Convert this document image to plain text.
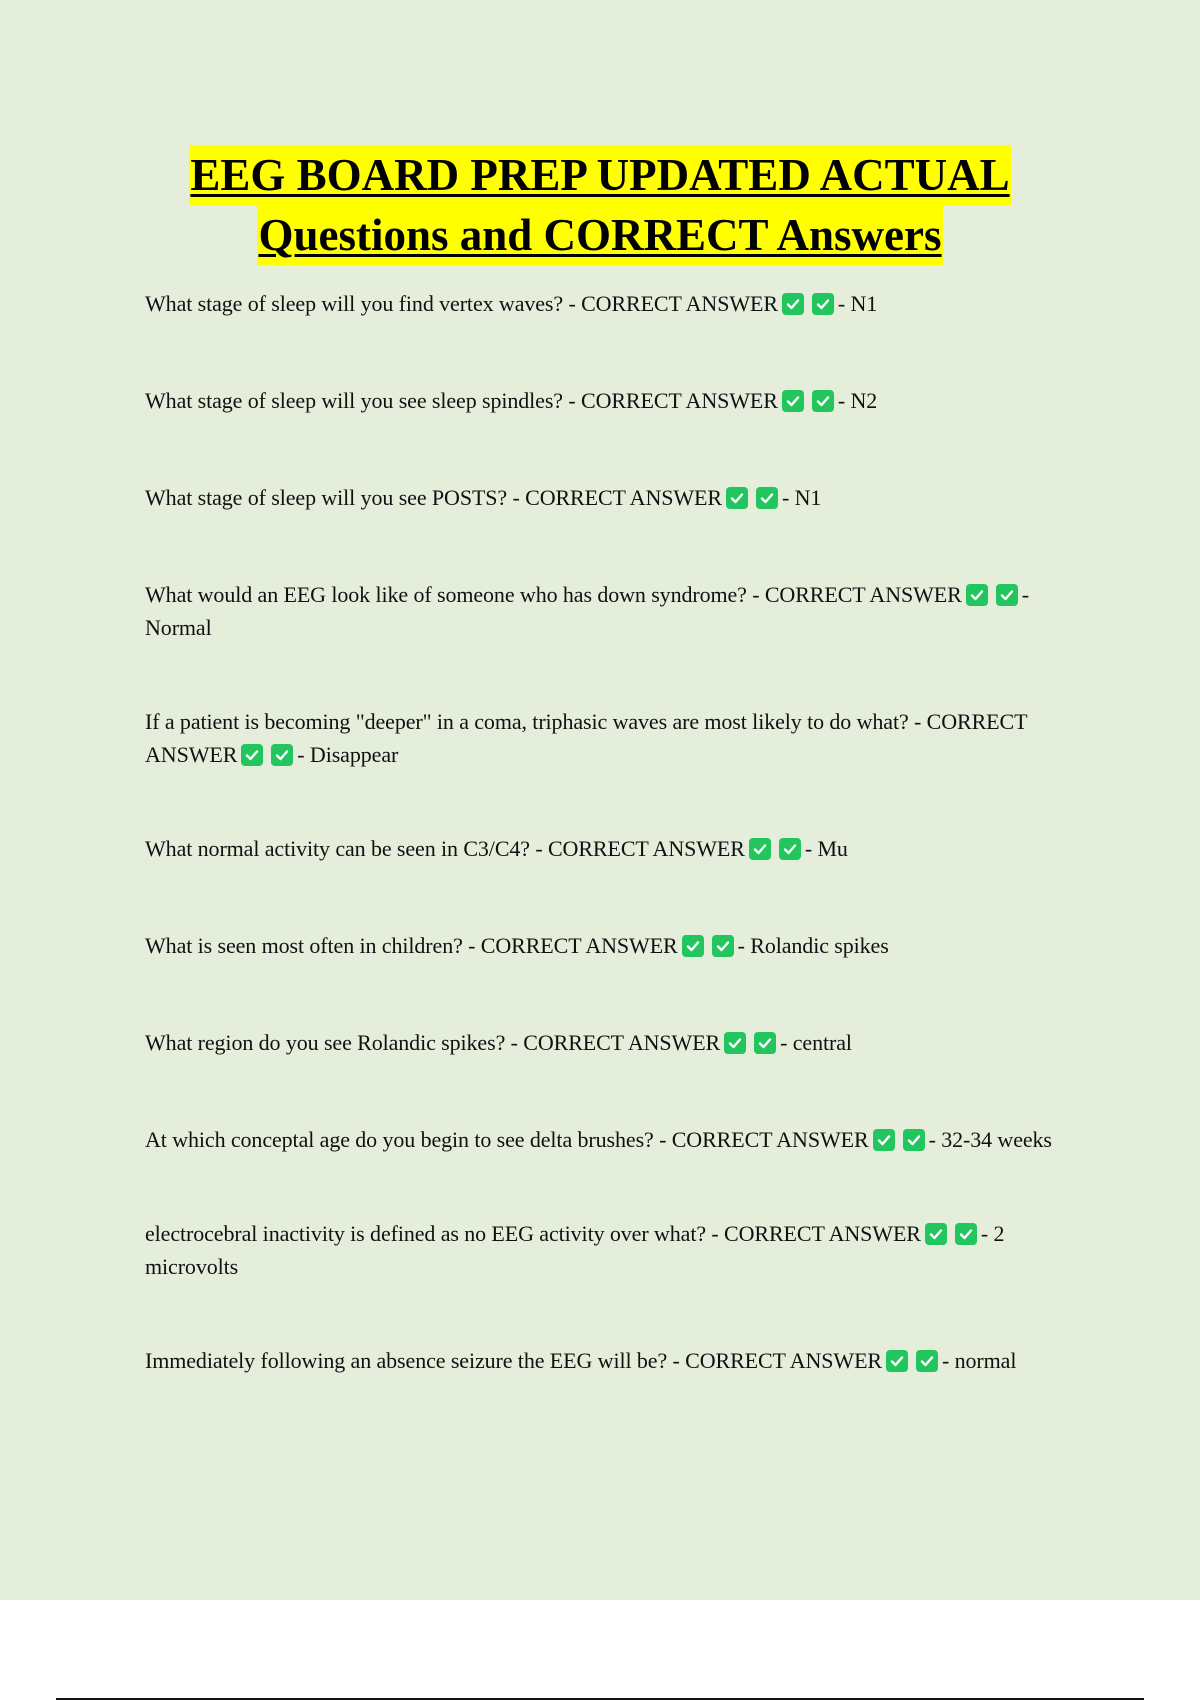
EEG BOARD PREP UPDATED ACTUAL
Questions and CORRECT Answers
What stage of sleep will you find vertex waves? - CORRECT ANSWER	- N1
What stage of sleep will you see sleep spindles? - CORRECT ANSWER	- N2
What stage of sleep will you see POSTS? - CORRECT ANSWER	- N1
What would an EEG look like of someone who has down syndrome? - CORRECT ANSWER	- Normal
If a patient is becoming "deeper" in a coma, triphasic waves are most likely to do what? - CORRECT ANSWER	- Disappear
What normal activity can be seen in C3/C4? - CORRECT ANSWER	- Mu
What is seen most often in children? - CORRECT ANSWER	- Rolandic spikes
What region do you see Rolandic spikes? - CORRECT ANSWER	- central
At which conceptal age do you begin to see delta brushes? - CORRECT ANSWER	- 32-34 weeks
electrocebral inactivity is defined as no EEG activity over what? - CORRECT ANSWER	- 2 microvolts
Immediately following an absence seizure the EEG will be? - CORRECT ANSWER	- normal
